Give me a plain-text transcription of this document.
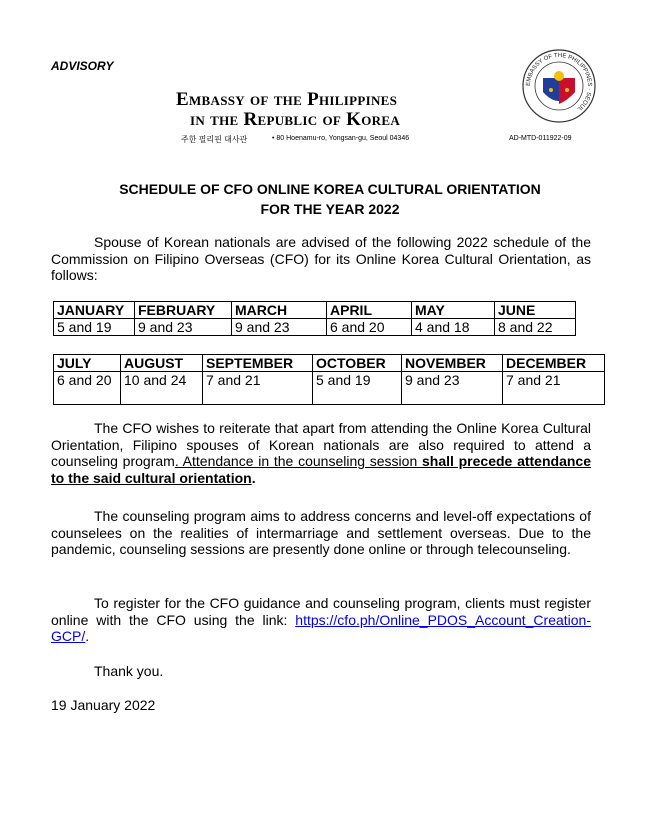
ADVISORY
Embassy of the Philippines
in the Republic of Korea
주한 필리핀 대사관	• 80 Hoenamu-ro, Yongsan-gu, Seoul 04346	AD-MTD-011922-09
EMBASSY OF THE PHILIPPINES · SEOUL
SCHEDULE OF CFO ONLINE KOREA CULTURAL ORIENTATION
FOR THE YEAR 2022
Spouse of Korean nationals are advised of the following 2022 schedule of the Commission on Filipino Overseas (CFO) for its Online Korea Cultural Orientation, as follows:
JANUARY	FEBRUARY	MARCH	APRIL	MAY	JUNE
5 and 19	9 and 23	9 and 23	6 and 20	4 and 18	8 and 22
JULY	AUGUST	SEPTEMBER	OCTOBER	NOVEMBER	DECEMBER
6 and 20	10 and 24	7 and 21	5 and 19	9 and 23	7 and 21
The CFO wishes to reiterate that apart from attending the Online Korea Cultural Orientation, Filipino spouses of Korean nationals are also required to attend a counseling program. Attendance in the counseling session shall precede attendance to the said cultural orientation.
The counseling program aims to address concerns and level-off expectations of counselees on the realities of intermarriage and settlement overseas. Due to the pandemic, counseling sessions are presently done online or through telecounseling.
To register for the CFO guidance and counseling program, clients must register online with the CFO using the link: https://cfo.ph/Online_PDOS_Account_Creation-GCP/.
Thank you.
19 January 2022
